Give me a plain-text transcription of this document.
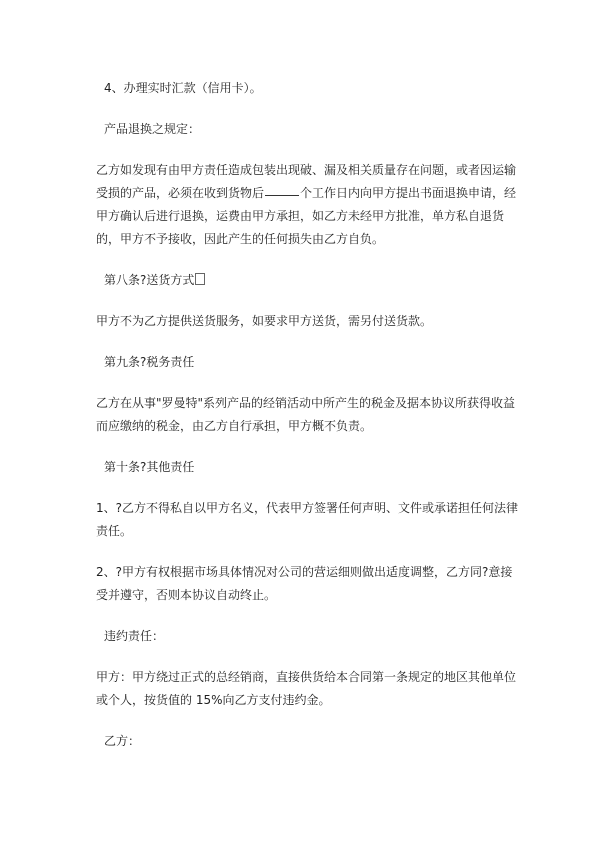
4、办理实时汇款（信用卡）。

产品退换之规定：

乙方如发现有由甲方责任造成包装出现破、漏及相关质量存在问题，或者因运输受损的产品，必须在收到货物后	个工作日内向甲方提出书面退换申请，经甲方确认后进行退换，运费由甲方承担，如乙方未经甲方批准，单方私自退货的，甲方不予接收，因此产生的任何损失由乙方自负。

第八条?送货方式

甲方不为乙方提供送货服务，如要求甲方送货，需另付送货款。

第九条?税务责任

乙方在从事"罗曼特"系列产品的经销活动中所产生的税金及据本协议所获得收益而应缴纳的税金，由乙方自行承担，甲方概不负责。

第十条?其他责任

1、?乙方不得私自以甲方名义，代表甲方签署任何声明、文件或承诺担任何法律责任。

2、?甲方有权根据市场具体情况对公司的营运细则做出适度调整，乙方同?意接受并遵守，否则本协议自动终止。

违约责任：

甲方：甲方绕过正式的总经销商，直接供货给本合同第一条规定的地区其他单位或个人，按货值的 15%向乙方支付违约金。

乙方：
